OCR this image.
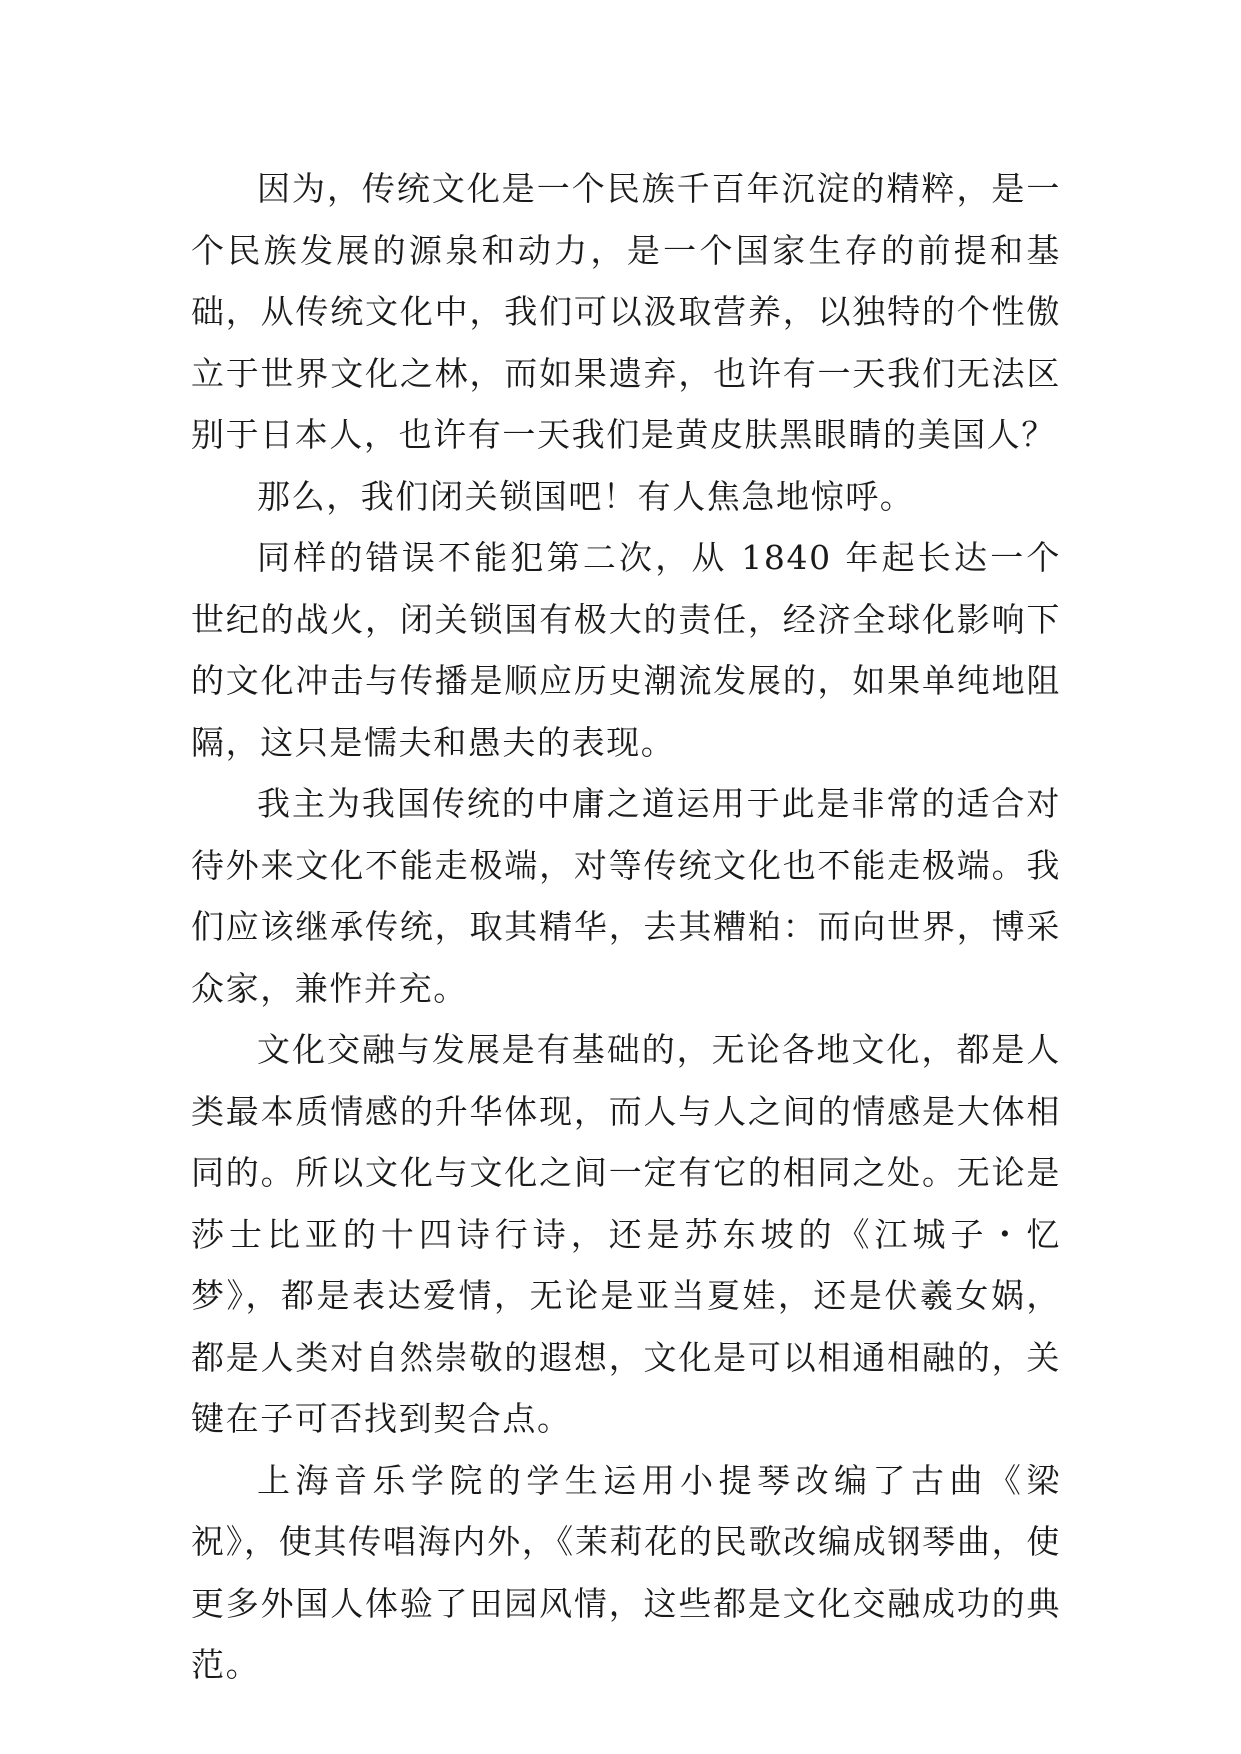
因为，传统文化是一个民族千百年沉淀的精粹，是一个民族发展的源泉和动力，是一个国家生存的前提和基础，从传统文化中，我们可以汲取营养，以独特的个性傲立于世界文化之林，而如果遗弃，也许有一天我们无法区别于日本人，也许有一天我们是黄皮肤黑眼睛的美国人？

那么，我们闭关锁国吧！有人焦急地惊呼。

同样的错误不能犯第二次，从 1840 年起长达一个世纪的战火，闭关锁国有极大的责任，经济全球化影响下的文化冲击与传播是顺应历史潮流发展的，如果单纯地阻隔，这只是懦夫和愚夫的表现。

我主为我国传统的中庸之道运用于此是非常的适合对待外来文化不能走极端，对等传统文化也不能走极端。我们应该继承传统，取其精华，去其糟粕：而向世界，博采众家，兼怍并充。

文化交融与发展是有基础的，无论各地文化，都是人类最本质情感的升华体现，而人与人之间的情感是大体相同的。所以文化与文化之间一定有它的相同之处。无论是莎士比亚的十四诗行诗，还是苏东坡的《江城子・忆梦》，都是表达爱情，无论是亚当夏娃，还是伏羲女娲，都是人类对自然崇敬的遐想，文化是可以相通相融的，关键在子可否找到契合点。

上海音乐学院的学生运用小提琴改编了古曲《梁祝》，使其传唱海内外，《茉莉花的民歌改编成钢琴曲，使更多外国人体验了田园风情，这些都是文化交融成功的典范。
